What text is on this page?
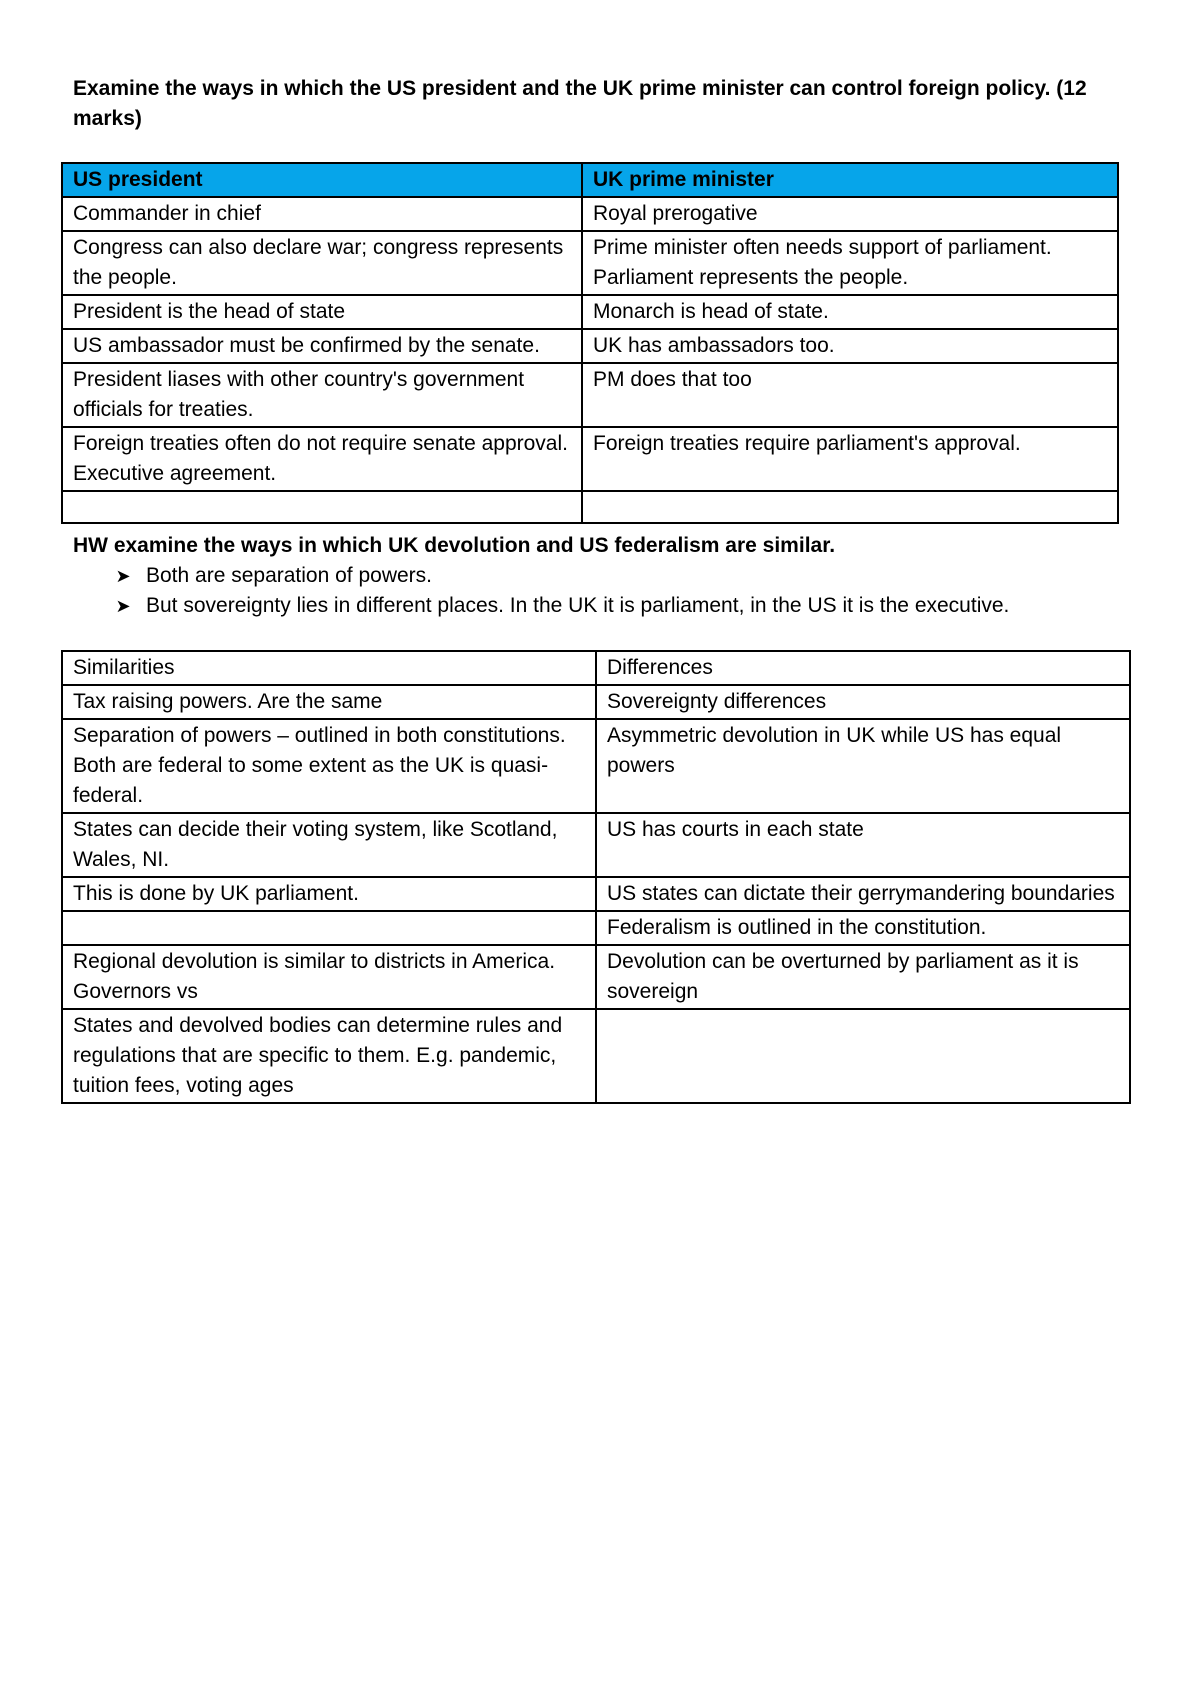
Examine the ways in which the US president and the UK prime minister can control foreign policy. (12 marks)

US president	UK prime minister
Commander in chief	Royal prerogative
Congress can also declare war; congress represents the people.	Prime minister often needs support of parliament. Parliament represents the people.
President is the head of state	Monarch is head of state.
US ambassador must be confirmed by the senate.	UK has ambassadors too.
President liases with other country's government officials for treaties.	PM does that too
Foreign treaties often do not require senate approval. Executive agreement.	Foreign treaties require parliament's approval.

HW examine the ways in which UK devolution and US federalism are similar.
➤ Both are separation of powers.
➤ But sovereignty lies in different places. In the UK it is parliament, in the US it is the executive.
Similarities	Differences
Tax raising powers. Are the same	Sovereignty differences
Separation of powers – outlined in both constitutions. Both are federal to some extent as the UK is quasi-federal.	Asymmetric devolution in UK while US has equal powers
States can decide their voting system, like Scotland, Wales, NI.	US has courts in each state
This is done by UK parliament.	US states can dictate their gerrymandering boundaries
	Federalism is outlined in the constitution.
Regional devolution is similar to districts in America. Governors vs	Devolution can be overturned by parliament as it is sovereign
States and devolved bodies can determine rules and regulations that are specific to them. E.g. pandemic, tuition fees, voting ages	
